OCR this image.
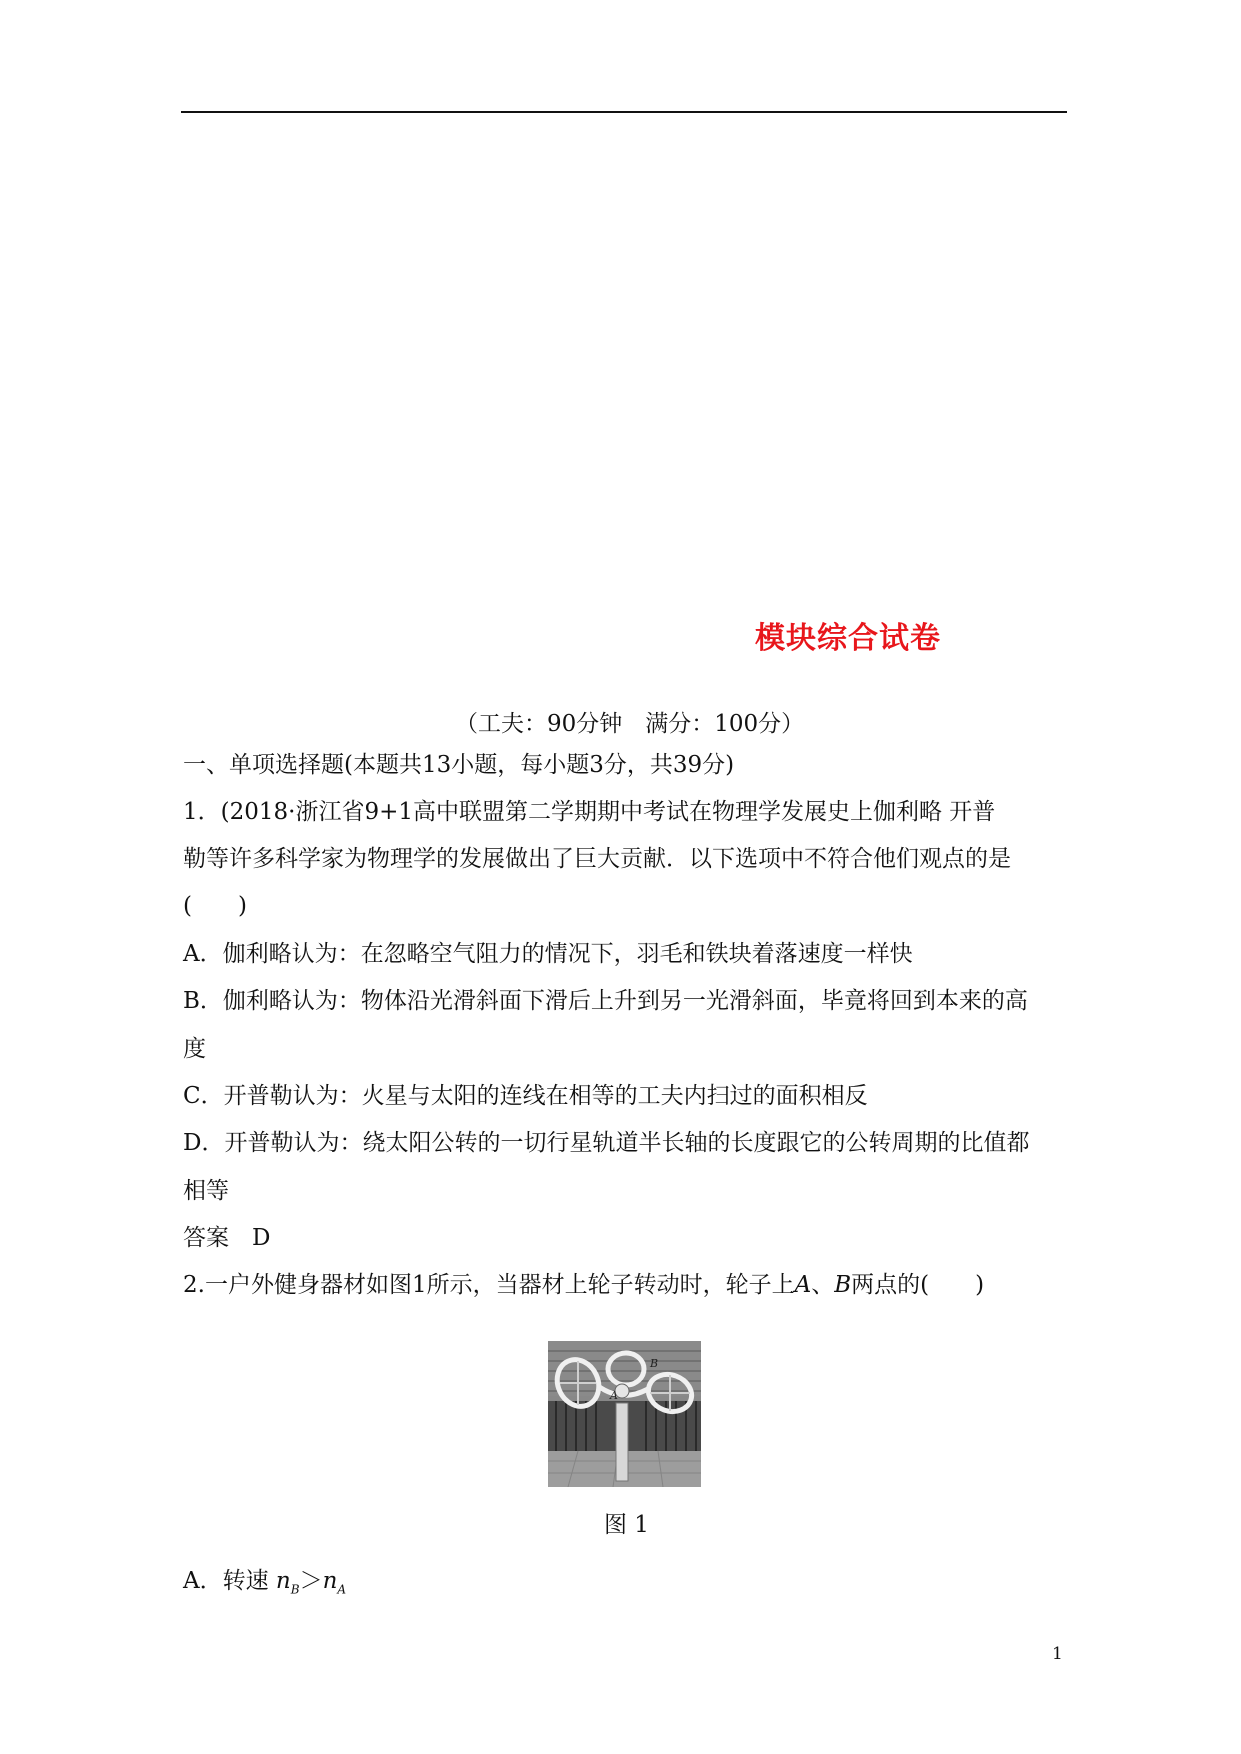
模块综合试卷
（工夫：90分钟　满分：100分）
一、单项选择题(本题共13小题，每小题3分，共39分)
1．(2018·浙江省9+1高中联盟第二学期期中考试在物理学发展史上伽利略 开普
勒等许多科学家为物理学的发展做出了巨大贡献．以下选项中不符合他们观点的是
(　　)
A．伽利略认为：在忽略空气阻力的情况下，羽毛和铁块着落速度一样快
B．伽利略认为：物体沿光滑斜面下滑后上升到另一光滑斜面，毕竟将回到本来的高
度
C．开普勒认为：火星与太阳的连线在相等的工夫内扫过的面积相反
D．开普勒认为：绕太阳公转的一切行星轨道半长轴的长度跟它的公转周期的比值都
相等
答案　D
2.一户外健身器材如图1所示，当器材上轮子转动时，轮子上A、B两点的(　　)
A
B
图 1
A．转速 $n_B>n_A$
1
